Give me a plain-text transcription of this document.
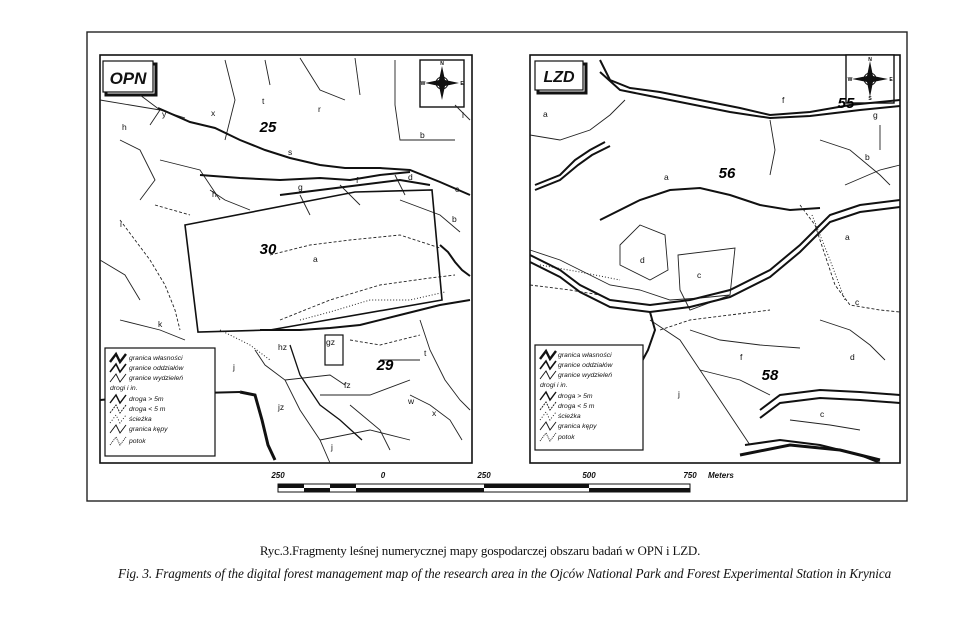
OPN
N
E
W
25
30
29
h
y	x
t
r
l
s
b
h
g
f	d
c
i	b
a
k
hz	gz
t
fz
jz
w
x
j
j
granica własności
granice oddziałów
granice wydzieleń
drogi i in.
droga > 5m
droga < 5 m
ścieżka
granica kępy
potok
LZD
N
E
W
S
55
56
58
a
f
g
b
a
d
c
a
c
f	d
j
c
granica własności
granice oddziałów
granice wydzieleń
drogi i in.
droga > 5m
droga < 5 m
ścieżka
granica kępy
potok
250	0	250	500	750 Meters
Ryc.3.Fragmenty leśnej numerycznej mapy gospodarczej obszaru badań w OPN i LZD.
Fig. 3. Fragments of the digital forest management map of the research area in the Ojców National Park and Forest Experimental Station in Krynica
